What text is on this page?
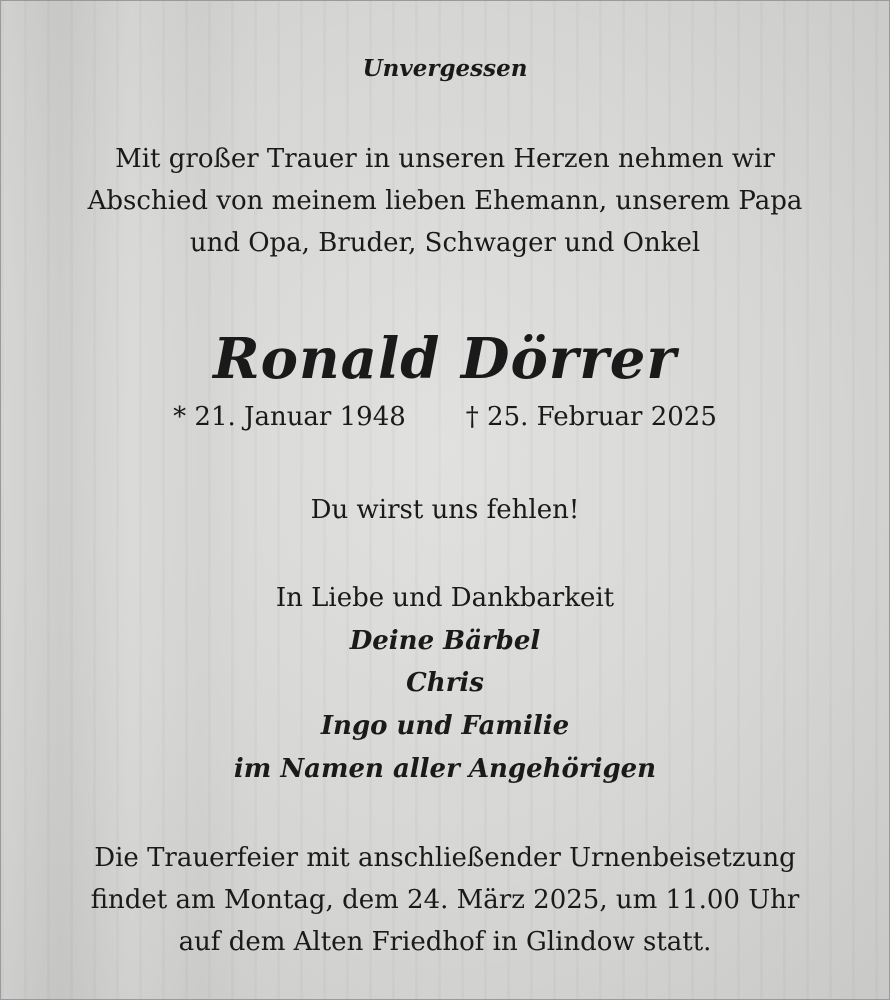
Unvergessen

Mit großer Trauer in unseren Herzen nehmen wir

Abschied von meinem lieben Ehemann, unserem Papa

und Opa, Bruder, Schwager und Onkel

Ronald Dörrer

* 21. Januar 1948 † 25. Februar 2025

Du wirst uns fehlen!

In Liebe und Dankbarkeit

Deine Bärbel

Chris

Ingo und Familie

im Namen aller Angehörigen

Die Trauerfeier mit anschließender Urnenbeisetzung

findet am Montag, dem 24. März 2025, um 11.00 Uhr

auf dem Alten Friedhof in Glindow statt.
